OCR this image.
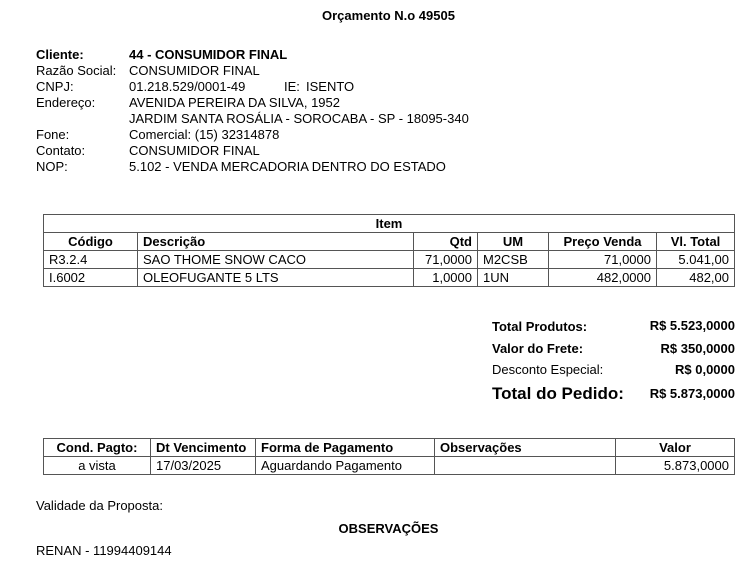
Orçamento N.o 49505
Cliente:	44 - CONSUMIDOR FINAL
Razão Social: CONSUMIDOR FINAL
CNPJ:	01.218.529/0001-49	IE: ISENTO
Endereço:	AVENIDA PEREIRA DA SILVA, 1952
JARDIM SANTA ROSÁLIA - SOROCABA - SP - 18095-340
Fone:	Comercial: (15) 32314878
Contato:	CONSUMIDOR FINAL
NOP:	5.102 - VENDA MERCADORIA DENTRO DO ESTADO
Item					
Código	Descrição	Qtd	UM	Preço Venda	Vl. Total
R3.2.4	SAO THOME SNOW CACO	71,0000	M2CSB	71,0000	5.041,00
I.6002	OLEOFUGANTE 5 LTS	1,0000	1UN	482,0000	482,00
Total Produtos:	R$ 5.523,0000
Valor do Frete:	R$ 350,0000
Desconto Especial:	R$ 0,0000
Total do Pedido: R$ 5.873,0000
Cond. Pagto:	Dt Vencimento	Forma de Pagamento	Observações	Valor
a vista	17/03/2025	Aguardando Pagamento		5.873,0000
Validade da Proposta:
OBSERVAÇÕES
RENAN - 11994409144
